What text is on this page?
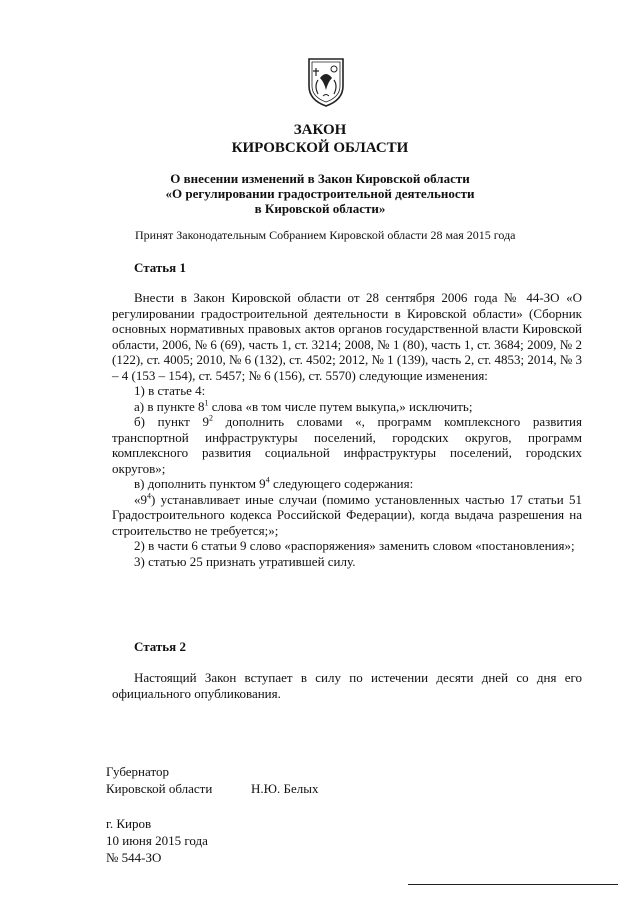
ЗАКОН
КИРОВСКОЙ ОБЛАСТИ
О внесении изменений в Закон Кировской области
«О регулировании градостроительной деятельности
в Кировской области»
Принят Законодательным Собранием Кировской области 28 мая 2015 года
Статья 1

Внести в Закон Кировской области от 28 сентября 2006 года № 44-ЗО «О регулировании градостроительной деятельности в Кировской области» (Сборник основных нормативных правовых актов органов государственной власти Кировской области, 2006, № 6 (69), часть 1, ст. 3214; 2008, № 1 (80), часть 1, ст. 3684; 2009, № 2 (122), ст. 4005; 2010, № 6 (132), ст. 4502; 2012, № 1 (139), часть 2, ст. 4853; 2014, № 3 – 4 (153 – 154), ст. 5457; № 6 (156), ст. 5570) следующие изменения:

1) в статье 4:

а) в пункте $8^1$ слова «в том числе путем выкупа,» исключить;

б) пункт $9^2$ дополнить словами «, программ комплексного развития транспортной инфраструктуры поселений, городских округов, программ комплексного развития социальной инфраструктуры поселений, городских округов»;

в) дополнить пунктом $9^4$ следующего содержания:

«$9^4$) устанавливает иные случаи (помимо установленных частью 17 статьи 51 Градостроительного кодекса Российской Федерации), когда выдача разрешения на строительство не требуется;»;

2) в части 6 статьи 9 слово «распоряжения» заменить словом «постановления»;

3) статью 25 признать утратившей силу.

Статья 2

Настоящий Закон вступает в силу по истечении десяти дней со дня его официального опубликования.

Губернатор
Кировской области	Н.Ю. Белых
г. Киров
10 июня 2015 года
№ 544-ЗО
